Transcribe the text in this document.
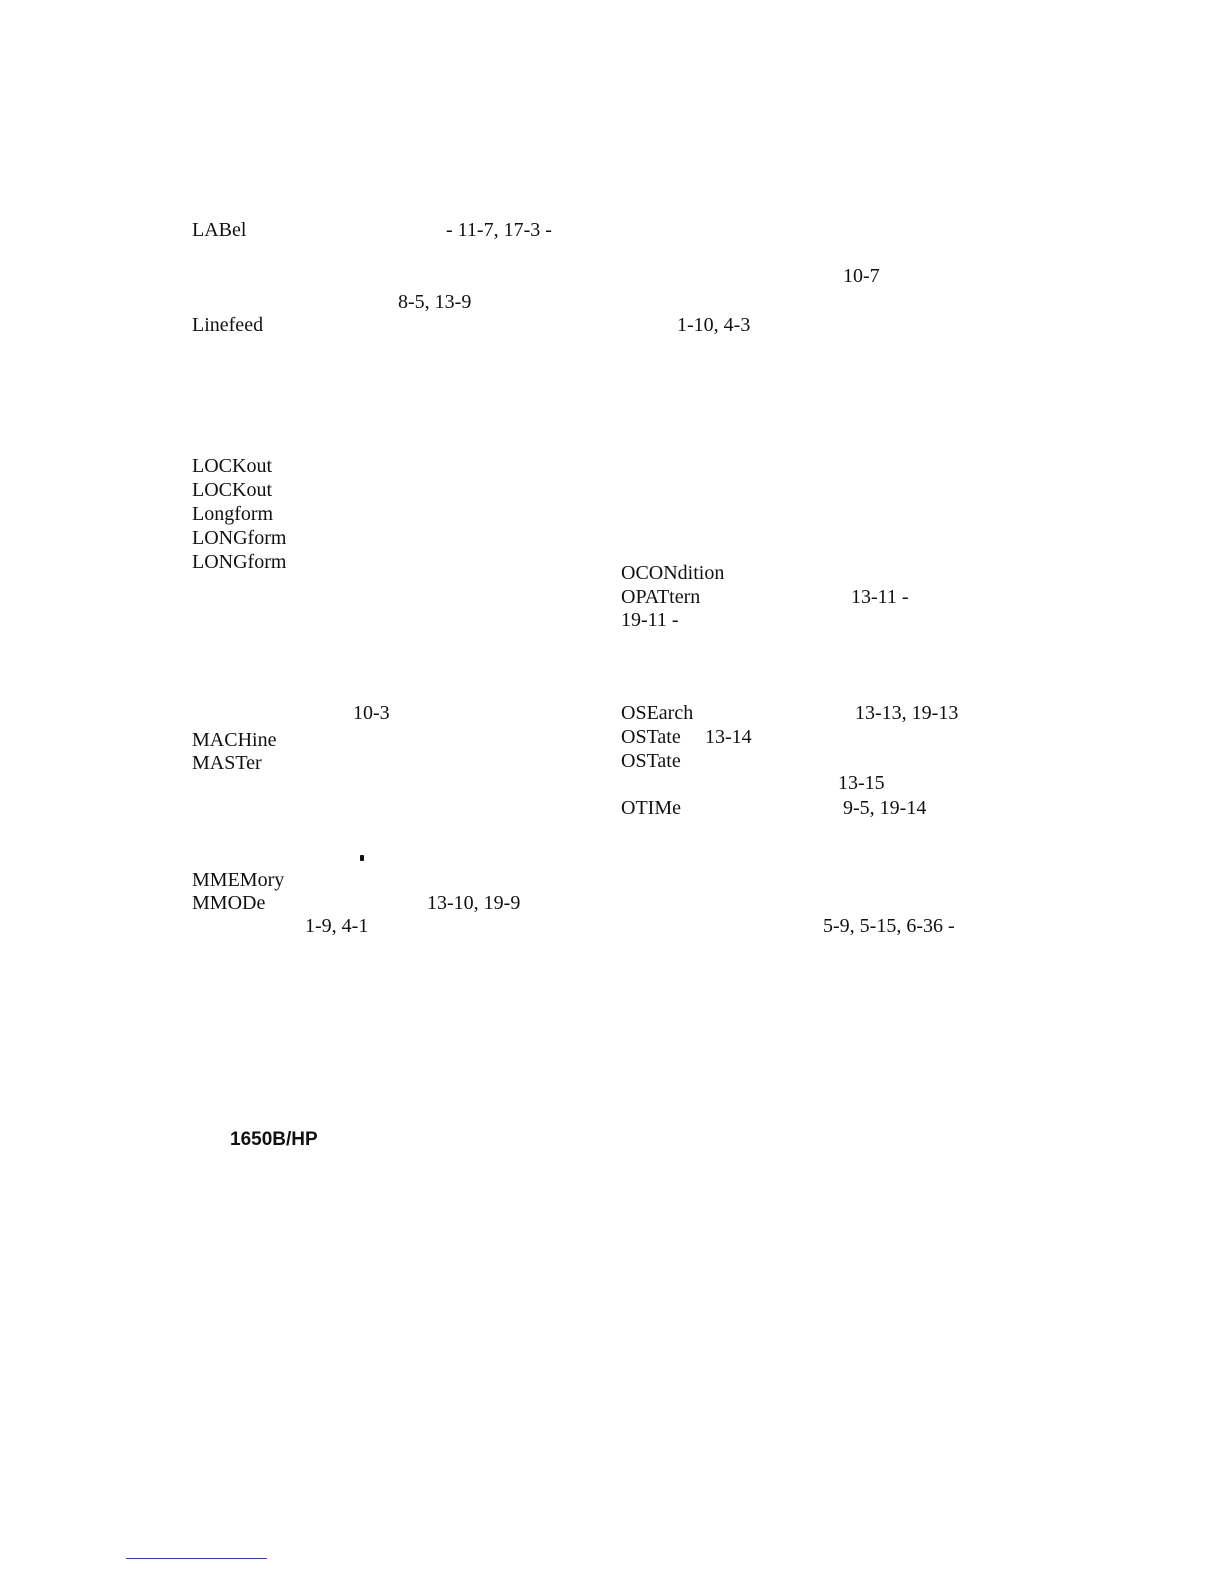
LABel	- 11-7, 17-3 -
8-5, 13-9
Linefeed
LOCKout
LOCKout
Longform
LONGform
LONGform
10-3
MACHine
MASTer
MMEMory
MMODe	13-10, 19-9
1-9, 4-1
10-7
1-10, 4-3
OCONdition
OPATtern	13-11 -
19-11 -
OSEarch	13-13, 19-13
OSTate 13-14
OSTate
13-15
OTIMe	9-5, 19-14
5-9, 5-15, 6-36 -
1650B/HP
